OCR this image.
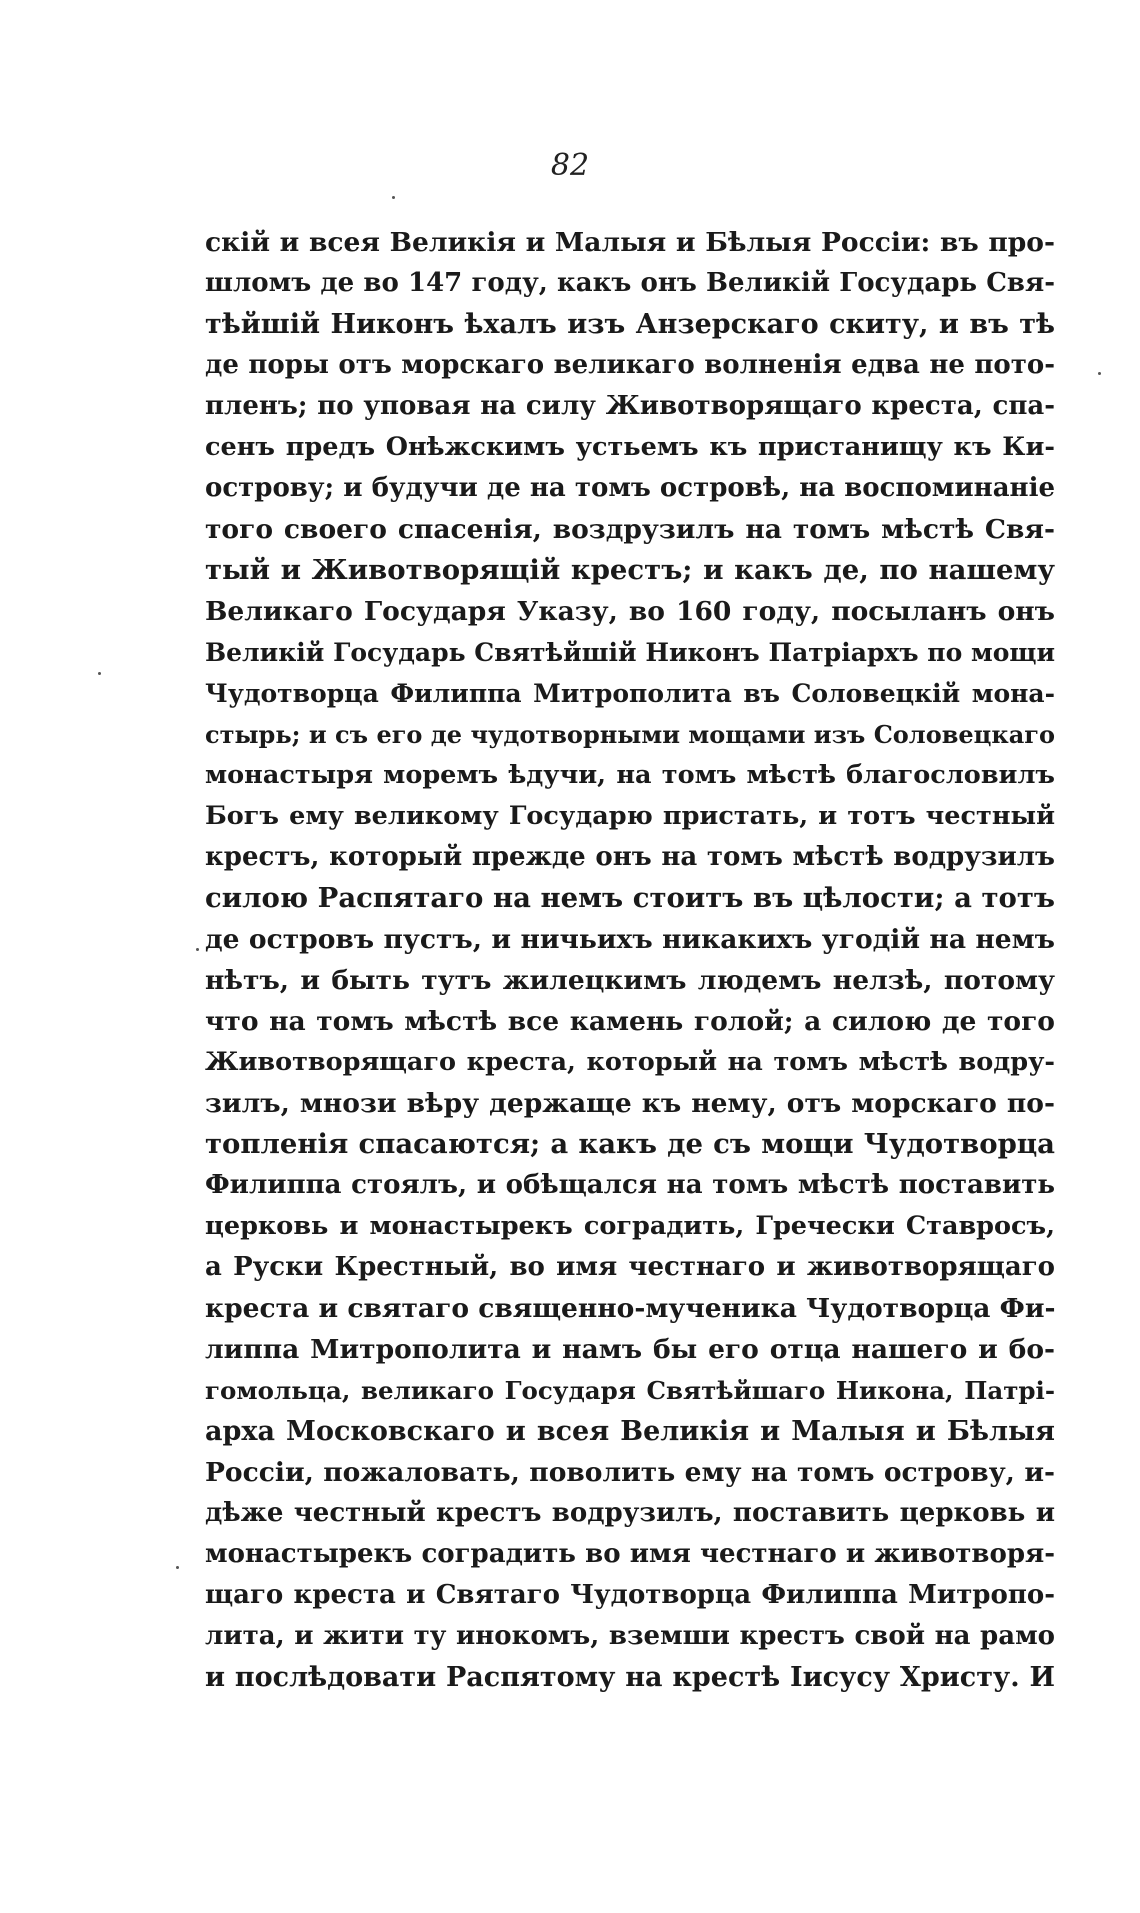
82
скій и всея Великія и Малыя и Бѣлыя Россіи: въ про-
шломъ де во 147 году, какъ онъ Великій Государь Свя-
тѣйшій Никонъ ѣхалъ изъ Анзерскаго скиту, и въ тѣ
де поры отъ морскаго великаго волненія едва не пото-
пленъ; по уповая на силу Животворящаго креста, спа-
сенъ предъ Онѣжскимъ устьемъ къ пристанищу къ Ки-
острову; и будучи де на томъ островѣ, на воспоминаніе
того своего спасенія, воздрузилъ на томъ мѣстѣ Свя-
тый и Животворящій крестъ; и какъ де, по нашему
Великаго Государя Указу, во 160 году, посыланъ онъ
Великій Государь Святѣйшій Никонъ Патріархъ по мощи
Чудотворца Филиппа Митрополита въ Соловецкій мона-
стырь; и съ его де чудотворными мощами изъ Соловецкаго
монастыря моремъ ѣдучи, на томъ мѣстѣ благословилъ
Богъ ему великому Государю пристать, и тотъ честный
крестъ, который прежде онъ на томъ мѣстѣ водрузилъ
силою Распятаго на немъ стоитъ въ цѣлости; а тотъ
де островъ пустъ, и ничьихъ никакихъ угодій на немъ
нѣтъ, и быть тутъ жилецкимъ людемъ нелзѣ, потому
что на томъ мѣстѣ все камень голой; а силою де того
Животворящаго креста, который на томъ мѣстѣ водру-
зилъ, мнози вѣру держаще къ нему, отъ морскаго по-
топленія спасаются; а какъ де съ мощи Чудотворца
Филиппа стоялъ, и обѣщался на томъ мѣстѣ поставить
церковь и монастырекъ соградить, Гречески Ставросъ,
а Руски Крестный, во имя честнаго и животворящаго
креста и святаго священно-мученика Чудотворца Фи-
липпа Митрополита и намъ бы его отца нашего и бо-
гомольца, великаго Государя Святѣйшаго Никона, Патрі-
арха Московскаго и всея Великія и Малыя и Бѣлыя
Россіи, пожаловать, поволить ему на томъ острову, и-
дѣже честный крестъ водрузилъ, поставить церковь и
монастырекъ соградить во имя честнаго и животворя-
щаго креста и Святаго Чудотворца Филиппа Митропо-
лита, и жити ту инокомъ, вземши крестъ свой на рамо
и послѣдовати Распятому на крестѣ Іисусу Христу. И
